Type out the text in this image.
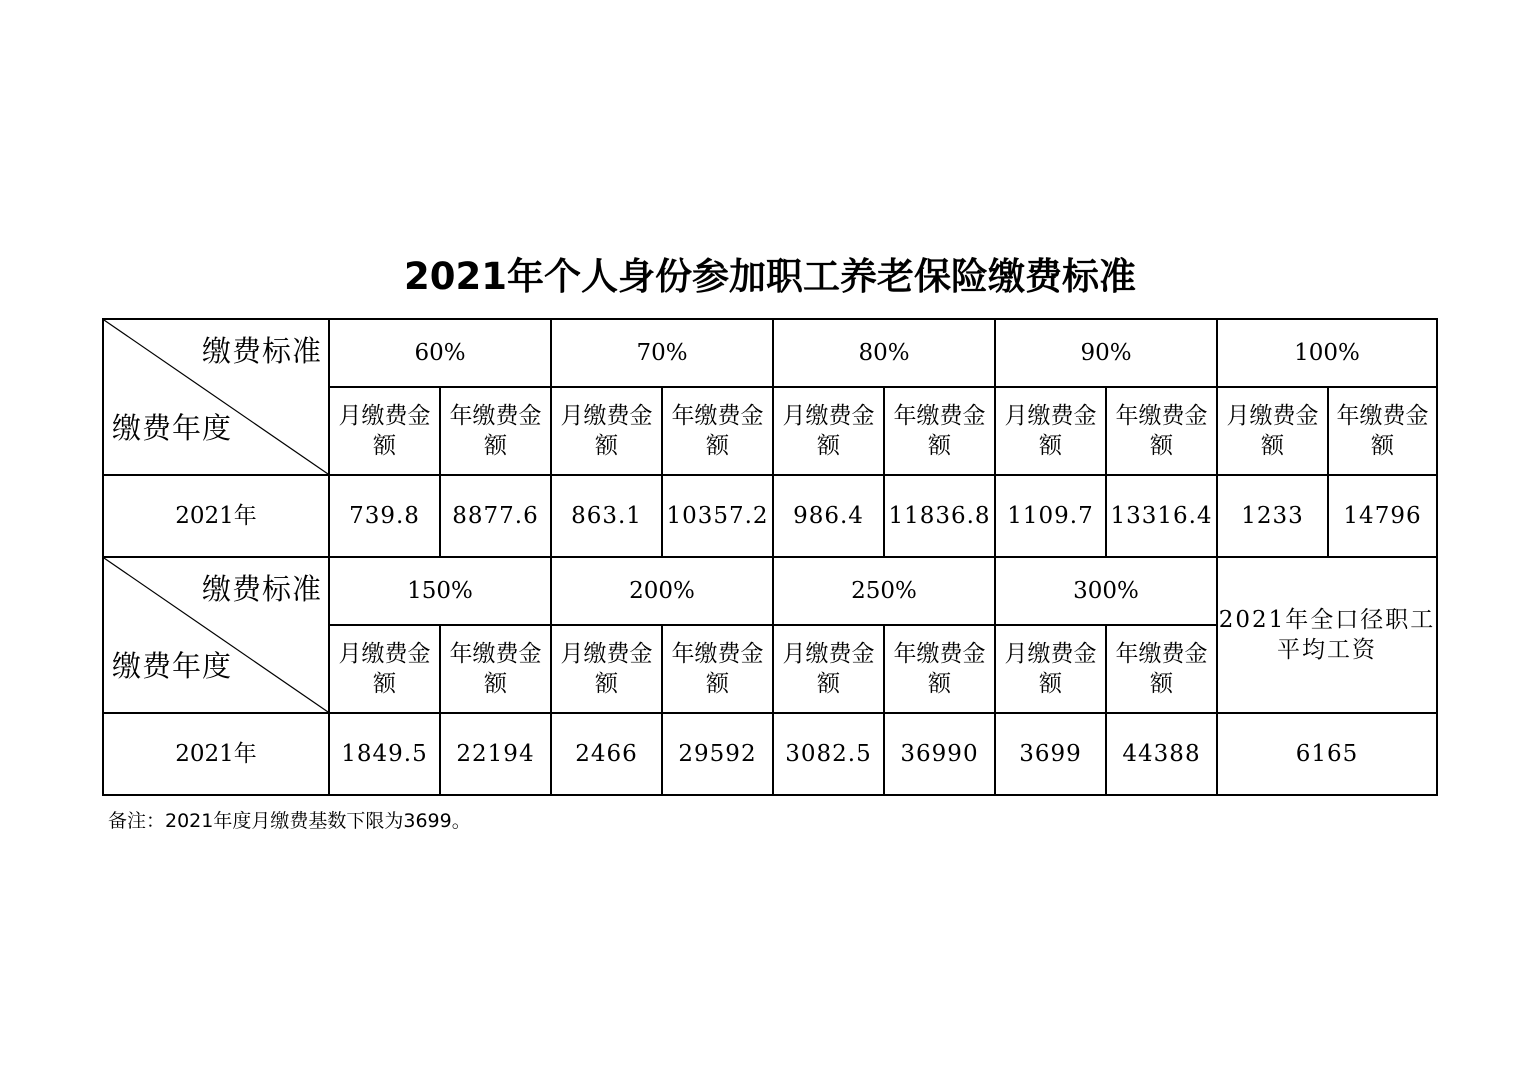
2021年个人身份参加职工养老保险缴费标准
缴费标准
缴费年度	60%		70%		80%		90%		100%	
	月缴费金额	年缴费金额	月缴费金额	年缴费金额	月缴费金额	年缴费金额	月缴费金额	年缴费金额	月缴费金额	年缴费金额
2021年	739.8	8877.6	863.1	10357.2	986.4	11836.8	1109.7	13316.4	1233	14796

缴费标准
缴费年度	150%		200%		250%		300%		2021年全口径职工平均工资	
	月缴费金额	年缴费金额	月缴费金额	年缴费金额	月缴费金额	年缴费金额	月缴费金额	年缴费金额		
2021年	1849.5	22194	2466	29592	3082.5	36990	3699	44388	6165	
备注：2021年度月缴费基数下限为3699。
